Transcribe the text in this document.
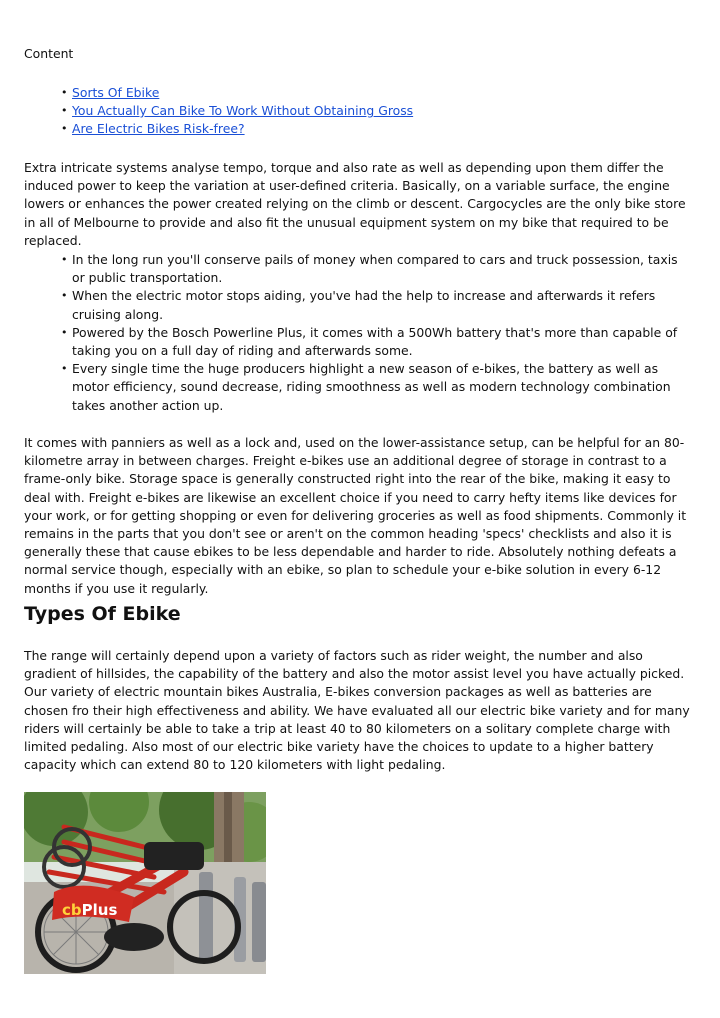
Content
• Sorts Of Ebike
• You Actually Can Bike To Work Without Obtaining Gross
• Are Electric Bikes Risk-free?

Extra intricate systems analyse tempo, torque and also rate as well as depending upon them differ the induced power to keep the variation at user-defined criteria. Basically, on a variable surface, the engine lowers or enhances the power created relying on the climb or descent. Cargocycles are the only bike store in all of Melbourne to provide and also fit the unusual equipment system on my bike that required to be replaced.

• In the long run you'll conserve pails of money when compared to cars and truck possession, taxis or public transportation.
• When the electric motor stops aiding, you've had the help to increase and afterwards it refers cruising along.
• Powered by the Bosch Powerline Plus, it comes with a 500Wh battery that's more than capable of taking you on a full day of riding and afterwards some.
• Every single time the huge producers highlight a new season of e-bikes, the battery as well as motor efficiency, sound decrease, riding smoothness as well as modern technology combination takes another action up.

It comes with panniers as well as a lock and, used on the lower-assistance setup, can be helpful for an 80-kilometre array in between charges. Freight e-bikes use an additional degree of storage in contrast to a frame-only bike. Storage space is generally constructed right into the rear of the bike, making it easy to deal with. Freight e-bikes are likewise an excellent choice if you need to carry hefty items like devices for your work, or for getting shopping or even for delivering groceries as well as food shipments. Commonly it remains in the parts that you don't see or aren't on the common heading 'specs' checklists and also it is generally these that cause ebikes to be less dependable and harder to ride. Absolutely nothing defeats a normal service though, especially with an ebike, so plan to schedule your e-bike solution in every 6-12 months if you use it regularly.

Types Of Ebike

The range will certainly depend upon a variety of factors such as rider weight, the number and also gradient of hillsides, the capability of the battery and also the motor assist level you have actually picked. Our variety of electric mountain bikes Australia, E-bikes conversion packages as well as batteries are chosen fro their high effectiveness and ability. We have evaluated all our electric bike variety and for many riders will certainly be able to take a trip at least 40 to 80 kilometers on a solitary complete charge with limited pedaling. Also most of our electric bike variety have the choices to update to a higher battery capacity which can extend 80 to 120 kilometers with light pedaling.

cbPlus
